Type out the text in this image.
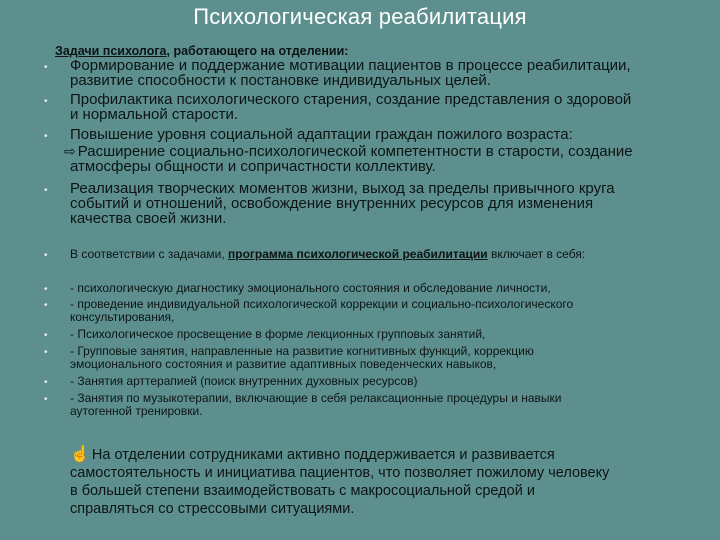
Психологическая реабилитация
Задачи психолога, работающего на отделении:
• Формирование и поддержание мотивации пациентов в процессе реабилитации,
развитие способности к постановке индивидуальных целей.
• Профилактика психологического старения, создание представления о здоровой
и нормальной старости.
• Повышение уровня социальной адаптации граждан пожилого возраста:
⇨ Расширение социально-психологической компетентности в старости, создание
атмосферы общности и сопричастности коллективу.
• Реализация творческих моментов жизни, выход за пределы привычного круга
событий и отношений, освобождение внутренних ресурсов для изменения
качества своей жизни.
• В соответствии с задачами, программа психологической реабилитации включает в себя:
• - психологическую диагностику эмоционального состояния и обследование личности,
• - проведение индивидуальной психологической коррекции и социально-психологического
консультирования,
• - Психологическое просвещение в форме лекционных групповых занятий,
• - Групповые занятия, направленные на развитие когнитивных функций, коррекцию
эмоционального состояния и развитие адаптивных поведенческих навыков,
• - Занятия арттерапией (поиск внутренних духовных ресурсов)
• - Занятия по музыкотерапии, включающие в себя релаксационные процедуры и навыки
аутогенной тренировки.
☝ На отделении сотрудниками активно поддерживается и развивается
самостоятельность и инициатива пациентов, что позволяет пожилому человеку
в большей степени взаимодействовать с макросоциальной средой и
справляться со стрессовыми ситуациями.
